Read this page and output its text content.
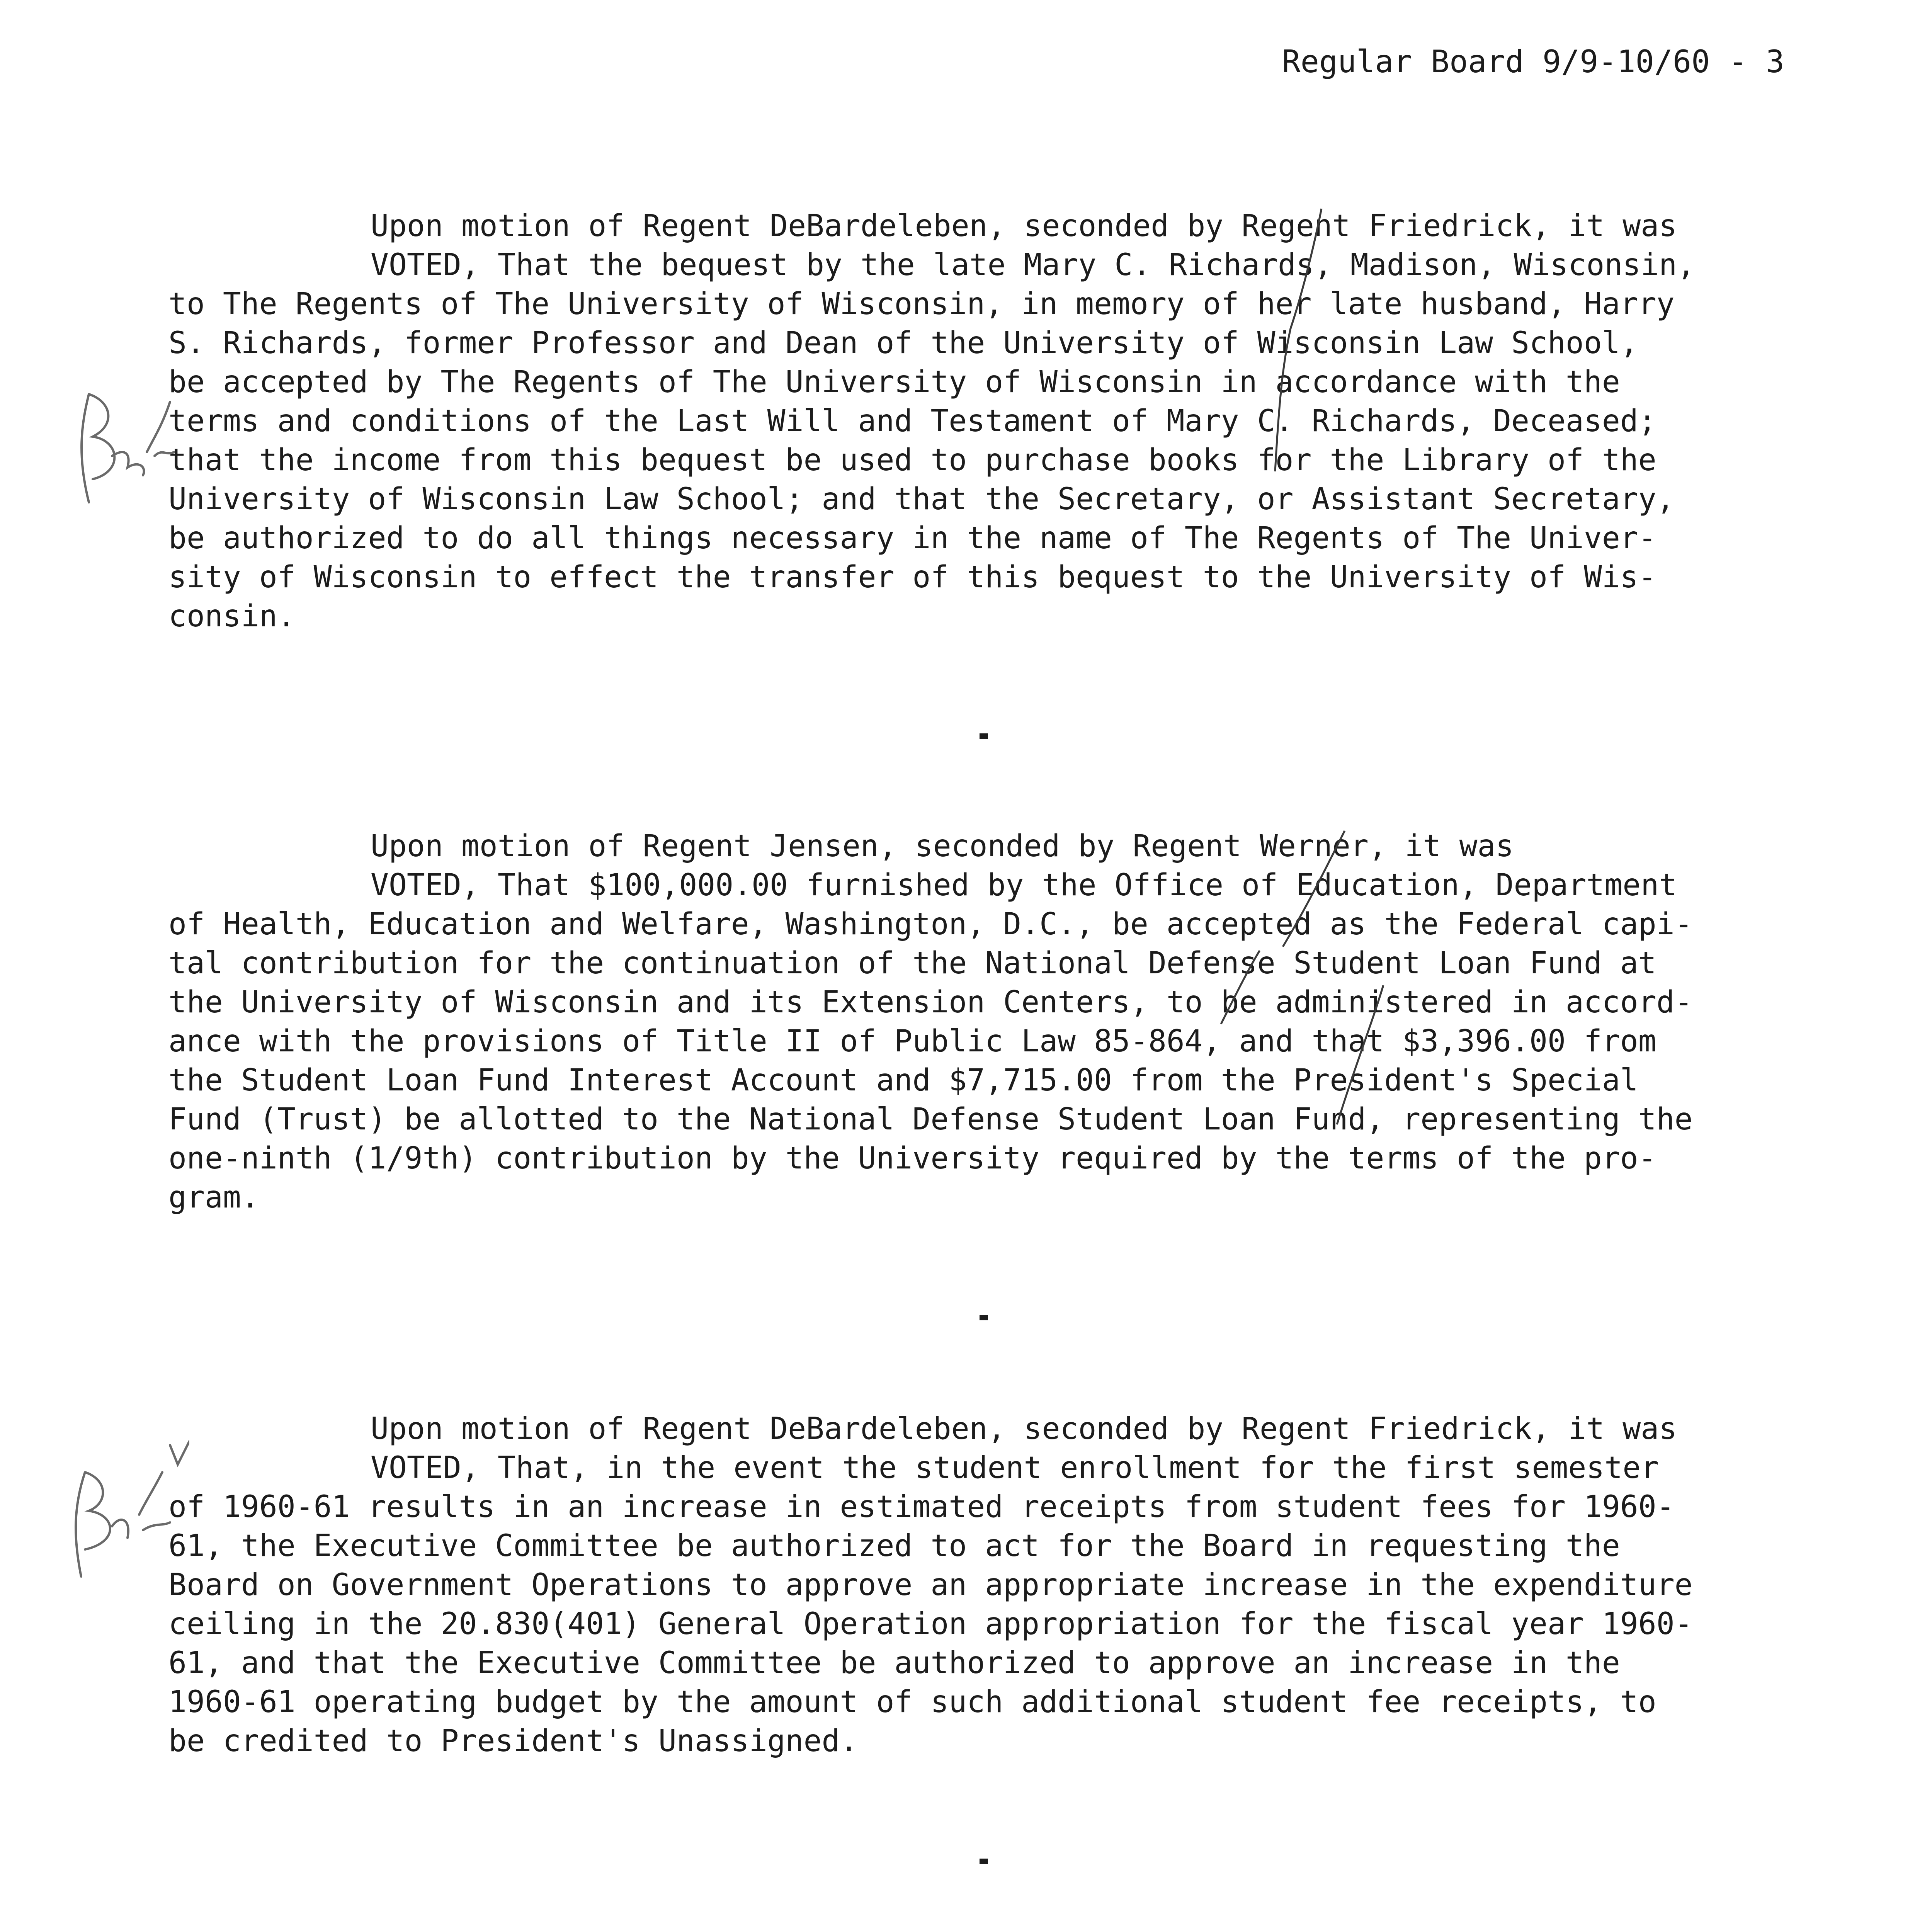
Regular Board 9/9-10/60 - 3
Upon motion of Regent DeBardeleben, seconded by Regent Friedrick, it was
VOTED, That the bequest by the late Mary C. Richards, Madison, Wisconsin,
to The Regents of The University of Wisconsin, in memory of her late husband, Harry
S. Richards, former Professor and Dean of the University of Wisconsin Law School,
be accepted by The Regents of The University of Wisconsin in accordance with the
terms and conditions of the Last Will and Testament of Mary C. Richards, Deceased;
that the income from this bequest be used to purchase books for the Library of the
University of Wisconsin Law School; and that the Secretary, or Assistant Secretary,
be authorized to do all things necessary in the name of The Regents of The Univer-
sity of Wisconsin to effect the transfer of this bequest to the University of Wis-
consin.
Upon motion of Regent Jensen, seconded by Regent Werner, it was
VOTED, That $100,000.00 furnished by the Office of Education, Department
of Health, Education and Welfare, Washington, D.C., be accepted as the Federal capi-
tal contribution for the continuation of the National Defense Student Loan Fund at
the University of Wisconsin and its Extension Centers, to be administered in accord-
ance with the provisions of Title II of Public Law 85-864, and that $3,396.00 from
the Student Loan Fund Interest Account and $7,715.00 from the President's Special
Fund (Trust) be allotted to the National Defense Student Loan Fund, representing the
one-ninth (1/9th) contribution by the University required by the terms of the pro-
gram.
Upon motion of Regent DeBardeleben, seconded by Regent Friedrick, it was
VOTED, That, in the event the student enrollment for the first semester
of 1960-61 results in an increase in estimated receipts from student fees for 1960-
61, the Executive Committee be authorized to act for the Board in requesting the
Board on Government Operations to approve an appropriate increase in the expenditure
ceiling in the 20.830(401) General Operation appropriation for the fiscal year 1960-
61, and that the Executive Committee be authorized to approve an increase in the
1960-61 operating budget by the amount of such additional student fee receipts, to
be credited to President's Unassigned.
